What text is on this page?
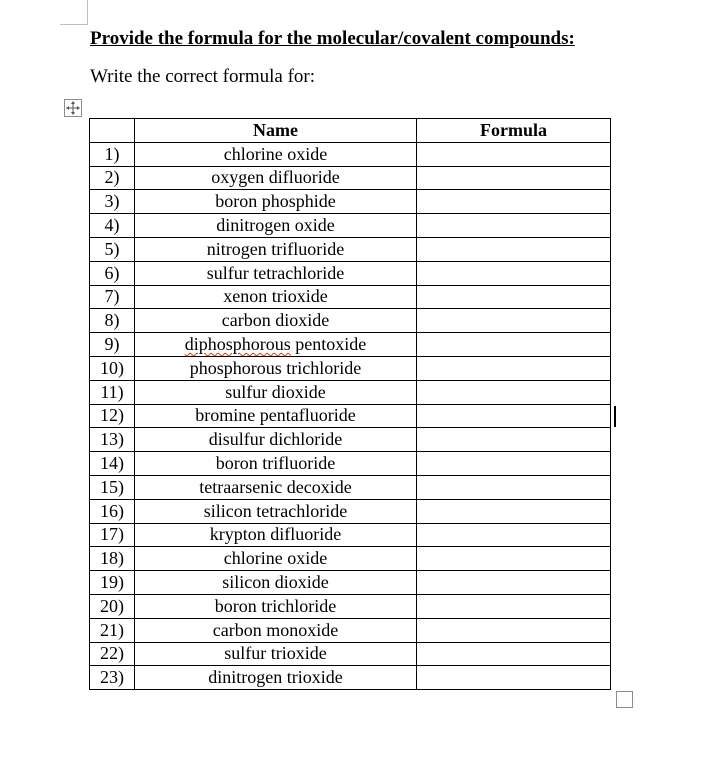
Provide the formula for the molecular/covalent compounds:
Write the correct formula for:
	Name	Formula
1)	chlorine oxide	
2)	oxygen difluoride	
3)	boron phosphide	
4)	dinitrogen oxide	
5)	nitrogen trifluoride	
6)	sulfur tetrachloride	
7)	xenon trioxide	
8)	carbon dioxide	
9)	diphosphorous pentoxide	
10)	phosphorous trichloride	
11)	sulfur dioxide	
12)	bromine pentafluoride	
13)	disulfur dichloride	
14)	boron trifluoride	
15)	tetraarsenic decoxide	
16)	silicon tetrachloride	
17)	krypton difluoride	
18)	chlorine oxide	
19)	silicon dioxide	
20)	boron trichloride	
21)	carbon monoxide	
22)	sulfur trioxide	
23)	dinitrogen trioxide	
